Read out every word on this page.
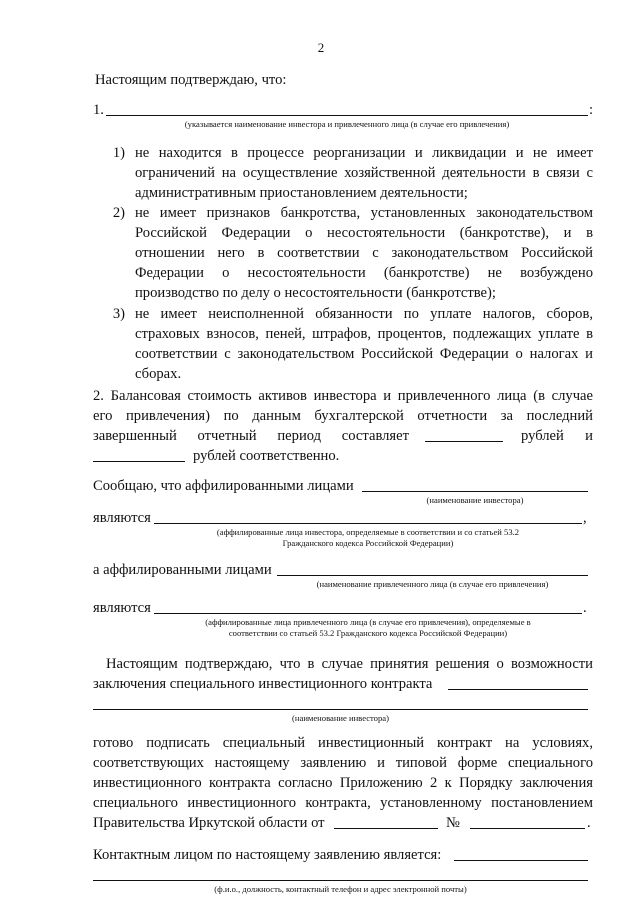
2
Настоящим подтверждаю, что:
1.	:
(указывается наименование инвестора и привлеченного лица (в случае его привлечения)
1) не находится в процессе реорганизации и ликвидации и не имеет
ограничений на осуществление хозяйственной деятельности в связи с
административным приостановлением деятельности;
2) не имеет признаков банкротства, установленных законодательством
Российской Федерации о несостоятельности (банкротстве), и в
отношении него в соответствии с законодательством Российской
Федерации о несостоятельности (банкротстве) не возбуждено
производство по делу о несостоятельности (банкротстве);
3) не имеет неисполненной обязанности по уплате налогов, сборов,
страховых взносов, пеней, штрафов, процентов, подлежащих уплате в
соответствии с законодательством Российской Федерации о налогах и
сборах.
2. Балансовая стоимость активов инвестора и привлеченного лица (в случае
его привлечения) по данным бухгалтерской отчетности за последний
завершенный отчетный период составляет	рублей и
рублей соответственно.
Сообщаю, что аффилированными лицами
(наименование инвестора)
являются	,
(аффилированные лица инвестора, определяемые в соответствии и со статьей 53.2
Гражданского кодекса Российской Федерации)
а аффилированными лицами
(наименование привлеченного лица (в случае его привлечения)
являются	.
(аффилированные лица привлеченного лица (в случае его привлечения), определяемые в
соответствии со статьей 53.2 Гражданского кодекса Российской Федерации)
Настоящим подтверждаю, что в случае принятия решения о возможности
заключения специального инвестиционного контракта
(наименование инвестора)
готово подписать специальный инвестиционный контракт на условиях,
соответствующих настоящему заявлению и типовой форме специального
инвестиционного контракта согласно Приложению 2 к Порядку заключения
специального инвестиционного контракта, установленному постановлением
Правительства Иркутской области от	№	.
Контактным лицом по настоящему заявлению является:
(ф.и.о., должность, контактный телефон и адрес электронной почты)
